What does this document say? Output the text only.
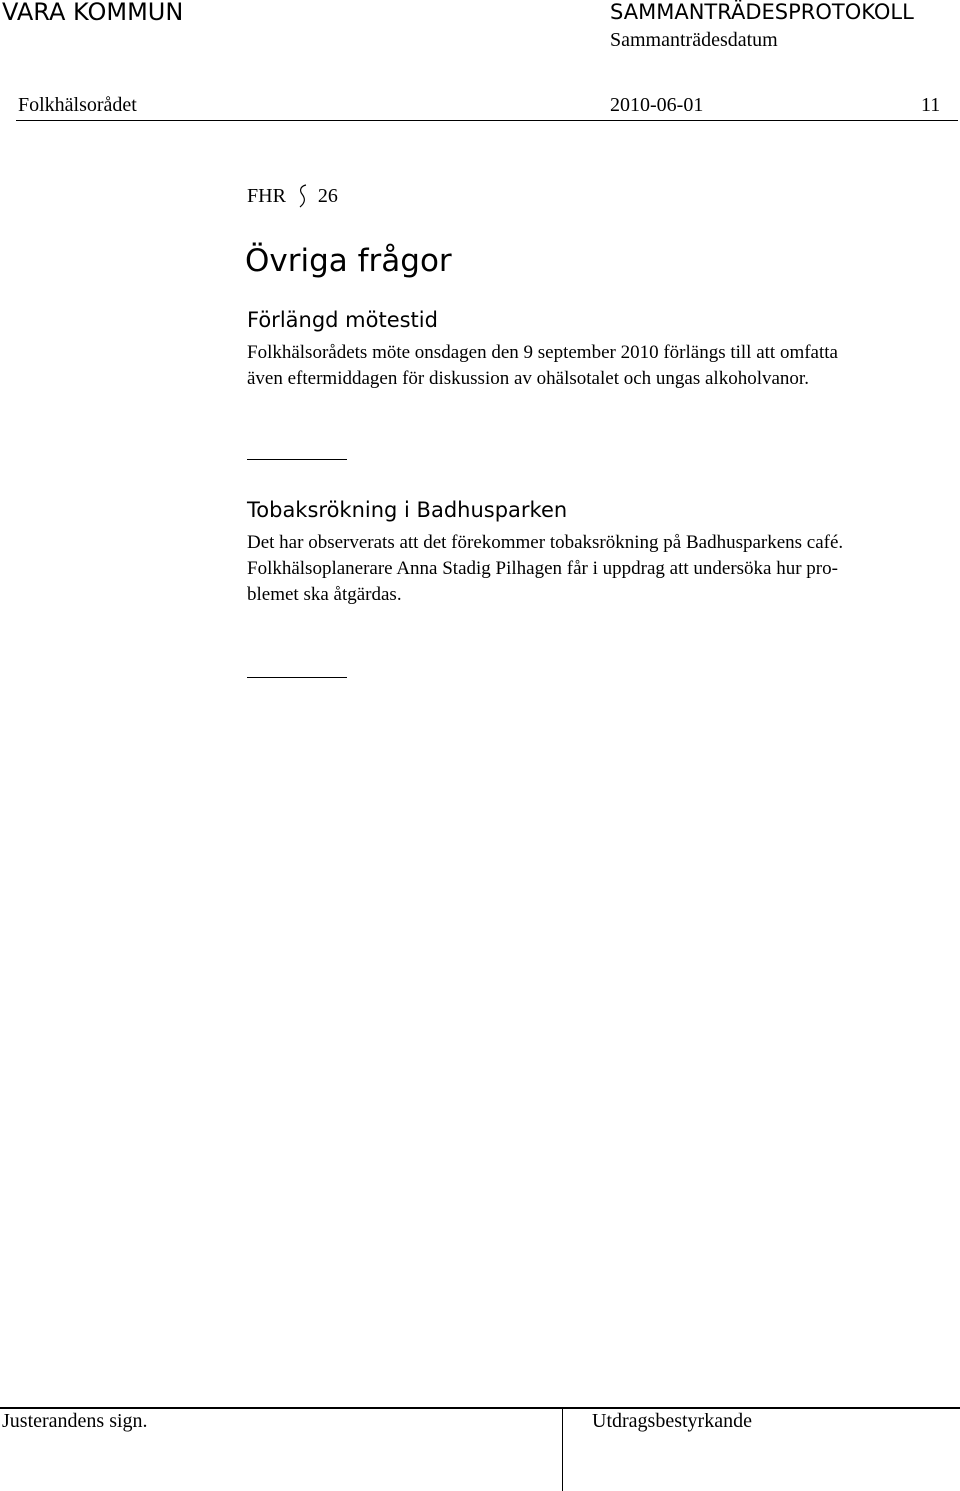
VARA KOMMUN	SAMMANTRÄDESPROTOKOLL
Sammanträdesdatum
Folkhälsorådet	2010-06-01	11
FHR 26
Övriga frågor
Förlängd mötestid
Folkhälsorådets möte onsdagen den 9 september 2010 förlängs till att omfatta
även eftermiddagen för diskussion av ohälsotalet och ungas alkoholvanor.
Tobaksrökning i Badhusparken
Det har observerats att det förekommer tobaksrökning på Badhusparkens café.
Folkhälsoplanerare Anna Stadig Pilhagen får i uppdrag att undersöka hur pro-
blemet ska åtgärdas.
Justerandens sign.	Utdragsbestyrkande
